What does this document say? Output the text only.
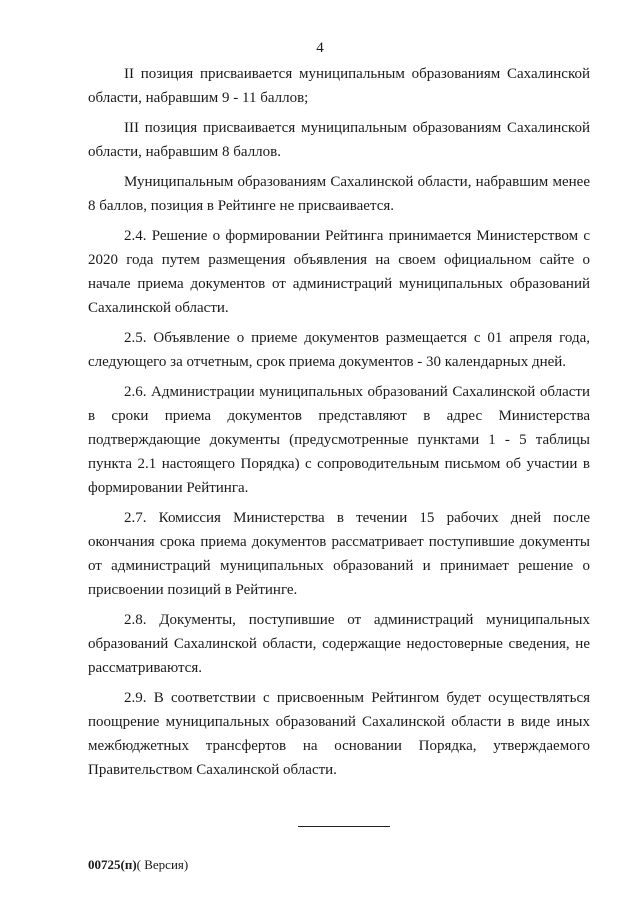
4

II позиция присваивается муниципальным образованиям Сахалинской области, набравшим 9 - 11 баллов;

III позиция присваивается муниципальным образованиям Сахалинской области, набравшим 8 баллов.

Муниципальным образованиям Сахалинской области, набравшим менее 8 баллов, позиция в Рейтинге не присваивается.

2.4. Решение о формировании Рейтинга принимается Министерством с 2020 года путем размещения объявления на своем официальном сайте о начале приема документов от администраций муниципальных образований Сахалинской области.

2.5. Объявление о приеме документов размещается с 01 апреля года, следующего за отчетным, срок приема документов - 30 календарных дней.

2.6. Администрации муниципальных образований Сахалинской области в сроки приема документов представляют в адрес Министерства подтверждающие документы (предусмотренные пунктами 1 - 5 таблицы пункта 2.1 настоящего Порядка) с сопроводительным письмом об участии в формировании Рейтинга.

2.7. Комиссия Министерства в течении 15 рабочих дней после окончания срока приема документов рассматривает поступившие документы от администраций муниципальных образований и принимает решение о присвоении позиций в Рейтинге.

2.8. Документы, поступившие от администраций муниципальных образований Сахалинской области, содержащие недостоверные сведения, не рассматриваются.

2.9. В соответствии с присвоенным Рейтингом будет осуществляться поощрение муниципальных образований Сахалинской области в виде иных межбюджетных трансфертов на основании Порядка, утверждаемого Правительством Сахалинской области.

00725(п)( Версия)
